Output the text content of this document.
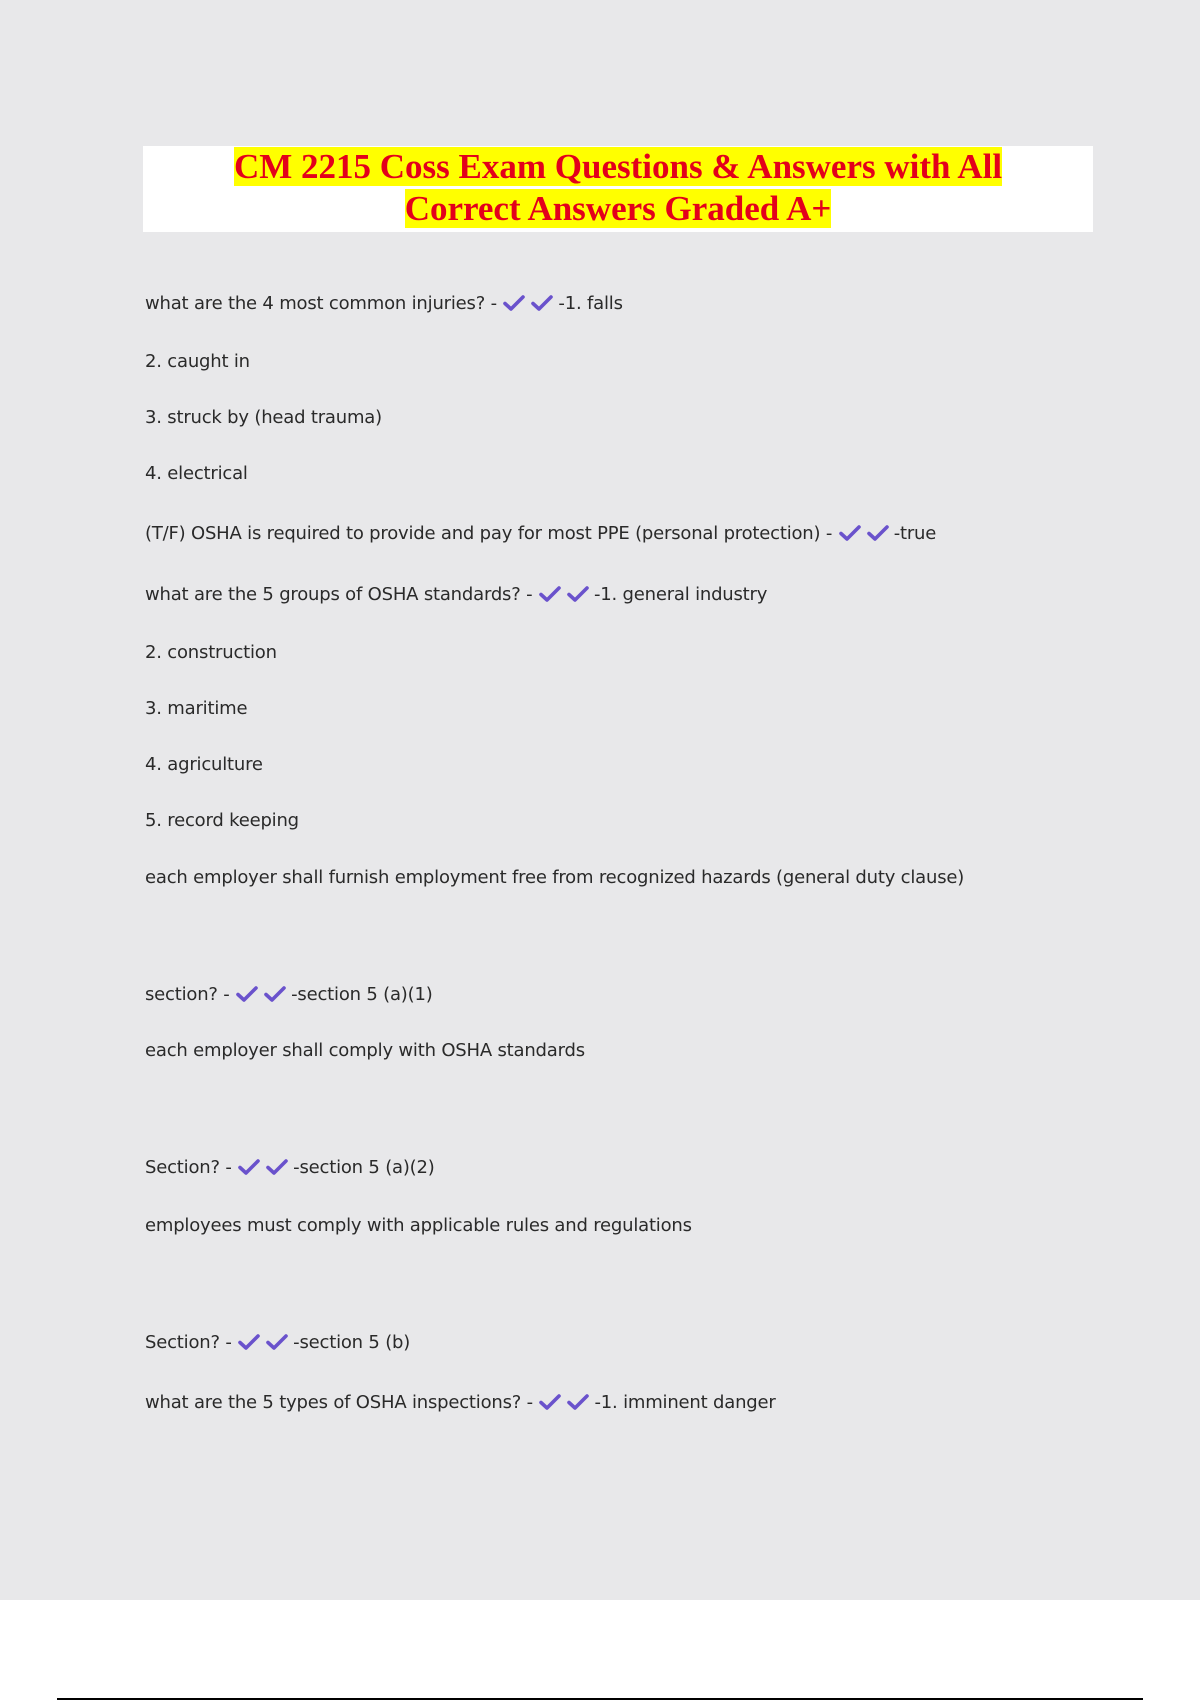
CM 2215 Coss Exam Questions & Answers with All
Correct Answers Graded A+
what are the 4 most common injuries? -	-1. falls
2. caught in
3. struck by (head trauma)
4. electrical
(T/F) OSHA is required to provide and pay for most PPE (personal protection) -	-true
what are the 5 groups of OSHA standards? -	-1. general industry
2. construction
3. maritime
4. agriculture
5. record keeping
each employer shall furnish employment free from recognized hazards (general duty clause)
section? -	-section 5 (a)(1)
each employer shall comply with OSHA standards
Section? -	-section 5 (a)(2)
employees must comply with applicable rules and regulations
Section? -	-section 5 (b)
what are the 5 types of OSHA inspections? -	-1. imminent danger
